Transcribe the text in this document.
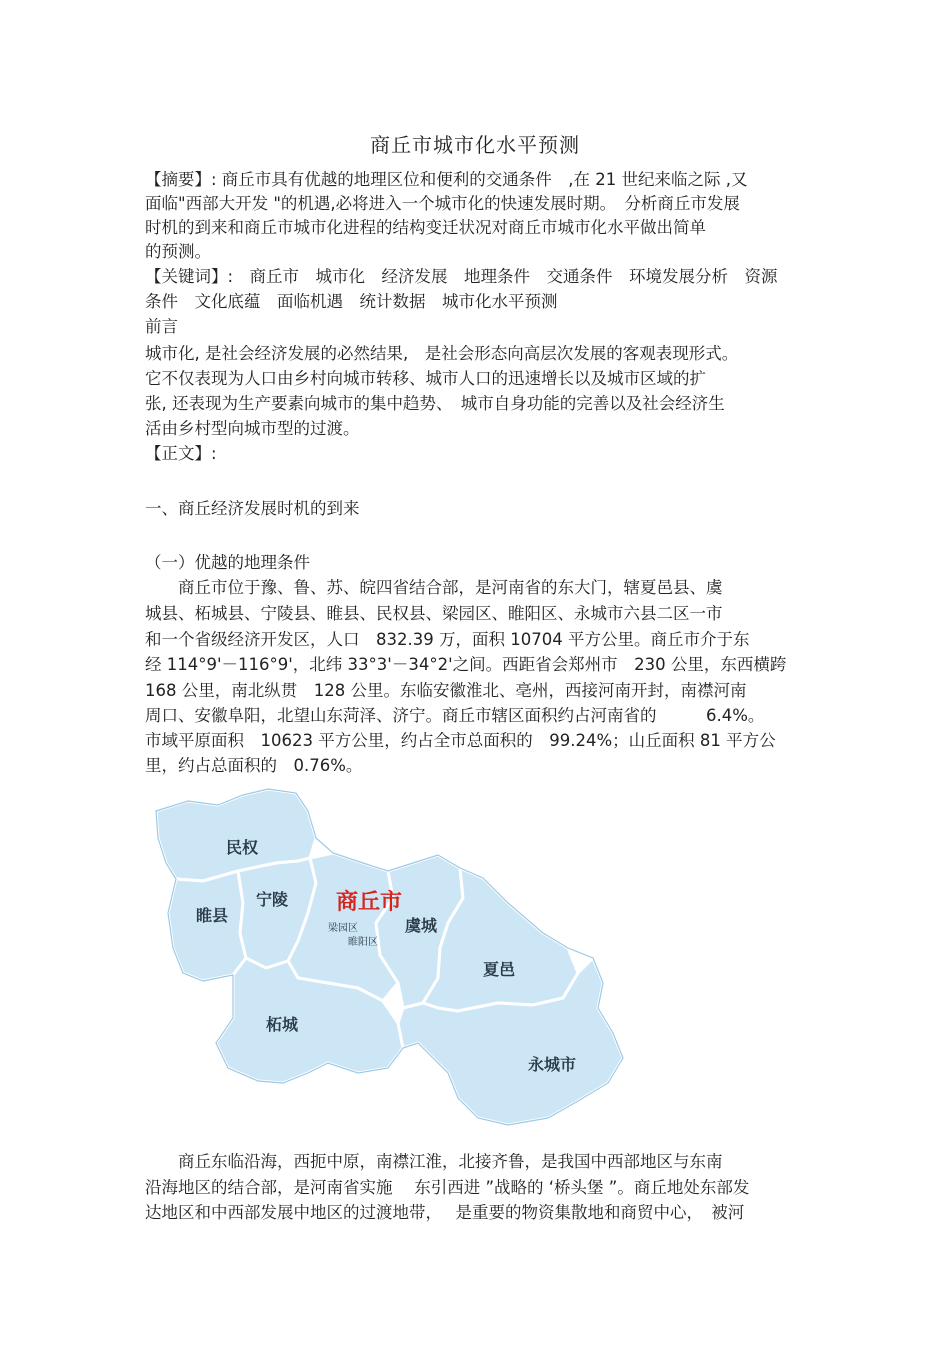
商丘市城市化水平预测
【摘要】: 商丘市具有优越的地理区位和便利的交通条件　,在 21 世纪来临之际 ,又
面临"西部大开发 "的机遇,必将进入一个城市化的快速发展时期。　分析商丘市发展
时机的到来和商丘市城市化进程的结构变迁状况对商丘市城市化水平做出简单
的预测。
【关键词】:　商丘市　城市化　经济发展　地理条件　交通条件　环境发展分析　资源
条件　文化底蕴　面临机遇　统计数据　城市化水平预测
前言
城市化, 是社会经济发展的必然结果,　是社会形态向高层次发展的客观表现形式。
它不仅表现为人口由乡村向城市转移、城市人口的迅速增长以及城市区域的扩
张, 还表现为生产要素向城市的集中趋势、　城市自身功能的完善以及社会经济生
活由乡村型向城市型的过渡。
【正文】:
一、商丘经济发展时机的到来
（一）优越的地理条件
　　商丘市位于豫、鲁、苏、皖四省结合部，是河南省的东大门，辖夏邑县、虞
城县、柘城县、宁陵县、睢县、民权县、梁园区、睢阳区、永城市六县二区一市
和一个省级经济开发区，人口　832.39 万，面积 10704 平方公里。商丘市介于东
经 114°9'－116°9'，北纬 33°3'－34°2'之间。西距省会郑州市　230 公里，东西横跨
168 公里，南北纵贯　128 公里。东临安徽淮北、亳州，西接河南开封，南襟河南
周口、安徽阜阳，北望山东菏泽、济宁。商丘市辖区面积约占河南省的　　　6.4%。
市域平原面积　10623 平方公里，约占全市总面积的　99.24%；山丘面积 81 平方公
里，约占总面积的　0.76%。
商丘市
梁园区
睢阳区
民权
睢县
宁陵
虞城
夏邑
柘城
永城市
　　商丘东临沿海，西扼中原，南襟江淮，北接齐鲁，是我国中西部地区与东南
沿海地区的结合部，是河南省实施　 东引西进 ”战略的 ‘桥头堡 ”。商丘地处东部发
达地区和中西部发展中地区的过渡地带，　 是重要的物资集散地和商贸中心，　被河
